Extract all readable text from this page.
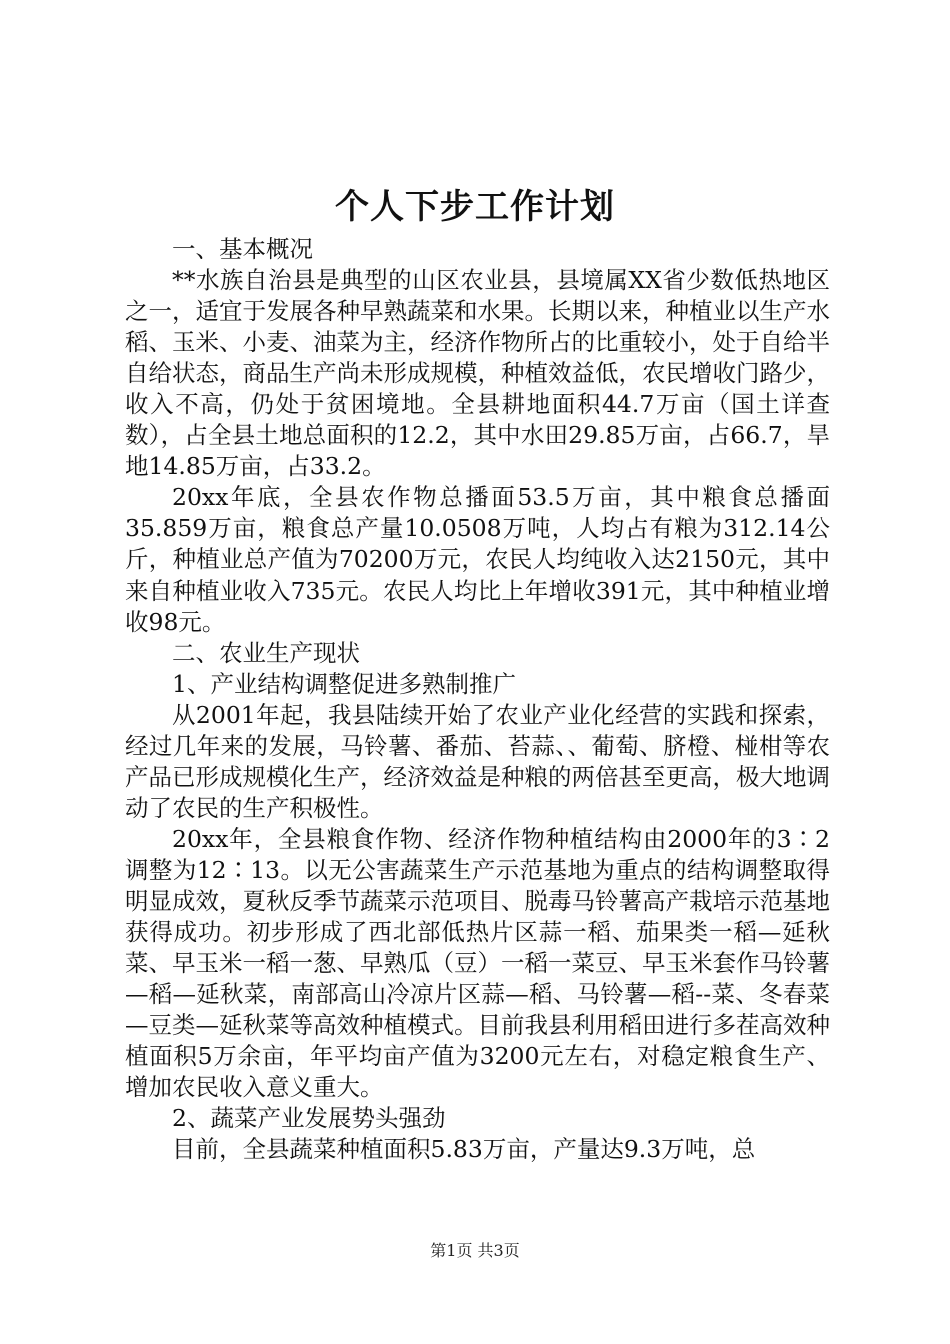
个人下步工作计划

一、基本概况

**水族自治县是典型的山区农业县，县境属XX省少数低热地区之一，适宜于发展各种早熟蔬菜和水果。长期以来，种植业以生产水稻、玉米、小麦、油菜为主，经济作物所占的比重较小，处于自给半自给状态，商品生产尚未形成规模，种植效益低，农民增收门路少，收入不高，仍处于贫困境地。全县耕地面积44.7万亩（国土详查数），占全县土地总面积的12.2，其中水田29.85万亩，占66.7，旱地14.85万亩，占33.2。

20xx年底，全县农作物总播面53.5万亩，其中粮食总播面35.859万亩，粮食总产量10.0508万吨，人均占有粮为312.14公斤，种植业总产值为70200万元，农民人均纯收入达2150元，其中来自种植业收入735元。农民人均比上年增收391元，其中种植业增收98元。

二、农业生产现状

1、产业结构调整促进多熟制推广

从2001年起，我县陆续开始了农业产业化经营的实践和探索，经过几年来的发展，马铃薯、番茄、苔蒜、、葡萄、脐橙、椪柑等农产品已形成规模化生产，经济效益是种粮的两倍甚至更高，极大地调动了农民的生产积极性。

20xx年，全县粮食作物、经济作物种植结构由2000年的3∶2调整为12∶13。以无公害蔬菜生产示范基地为重点的结构调整取得明显成效，夏秋反季节蔬菜示范项目、脱毒马铃薯高产栽培示范基地获得成功。初步形成了西北部低热片区蒜一稻、茄果类一稻—延秋菜、早玉米一稻一葱、早熟瓜（豆）一稻一菜豆、早玉米套作马铃薯—稻—延秋菜，南部高山冷凉片区蒜—稻、马铃薯—稻--菜、冬春菜—豆类—延秋菜等高效种植模式。目前我县利用稻田进行多茬高效种植面积5万余亩，年平均亩产值为3200元左右，对稳定粮食生产、增加农民收入意义重大。

2、蔬菜产业发展势头强劲

目前，全县蔬菜种植面积5.83万亩，产量达9.3万吨，总

第1页 共3页
